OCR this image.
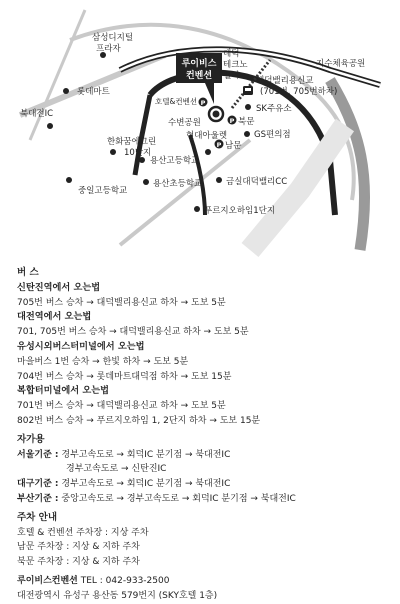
P
P
P
삼성디지털
프라자
롯데마트
북대전IC
한화꿈에그린
10단지
중일고등학교
용산고등학교
용산초등학교
호텔&컨벤션
수변공원
현대아울렛
남문
북문
GS편의점
금실대덕밸리CC
푸르지오하임1단지
대덕
테크노
밸리 대덕밸리용신교
(701번, 705번하차)
SK주유소
지수체육공원
루이비스
컨벤션
버 스
신탄진역에서 오는법
705번 버스 승차 → 대덕밸리용신교 하차 → 도보 5분
대전역에서 오는법
701, 705번 버스 승차 → 대덕밸리용신교 하차 → 도보 5분
유성시외버스터미널에서 오는법
마을버스 1번 승차 → 한빛 하차 → 도보 5분
704번 버스 승차 → 롯데마트대덕점 하차 → 도보 15분
복합터미널에서 오는법
701번 버스 승차 → 대덕밸리용신교 하차 → 도보 5분
802번 버스 승차 → 푸르지오하임 1, 2단지 하차 → 도보 15분
자가용
서울기준 : 경부고속도로 → 회덕IC 분기점 → 북대전IC
경부고속도로 → 신탄진IC
대구기준 : 경부고속도로 → 회덕IC 분기점 → 북대전IC
부산기준 : 중앙고속도로 → 경부고속도로 → 회덕IC 분기점 → 북대전IC
주차 안내
호텔 & 컨벤션 주차장 : 지상 주차
남문 주차장 : 지상 & 지하 주차
북문 주차장 : 지상 & 지하 주차
루이비스컨벤션 TEL : 042-933-2500
대전광역시 유성구 용산동 579번지 (SKY호텔 1층)
